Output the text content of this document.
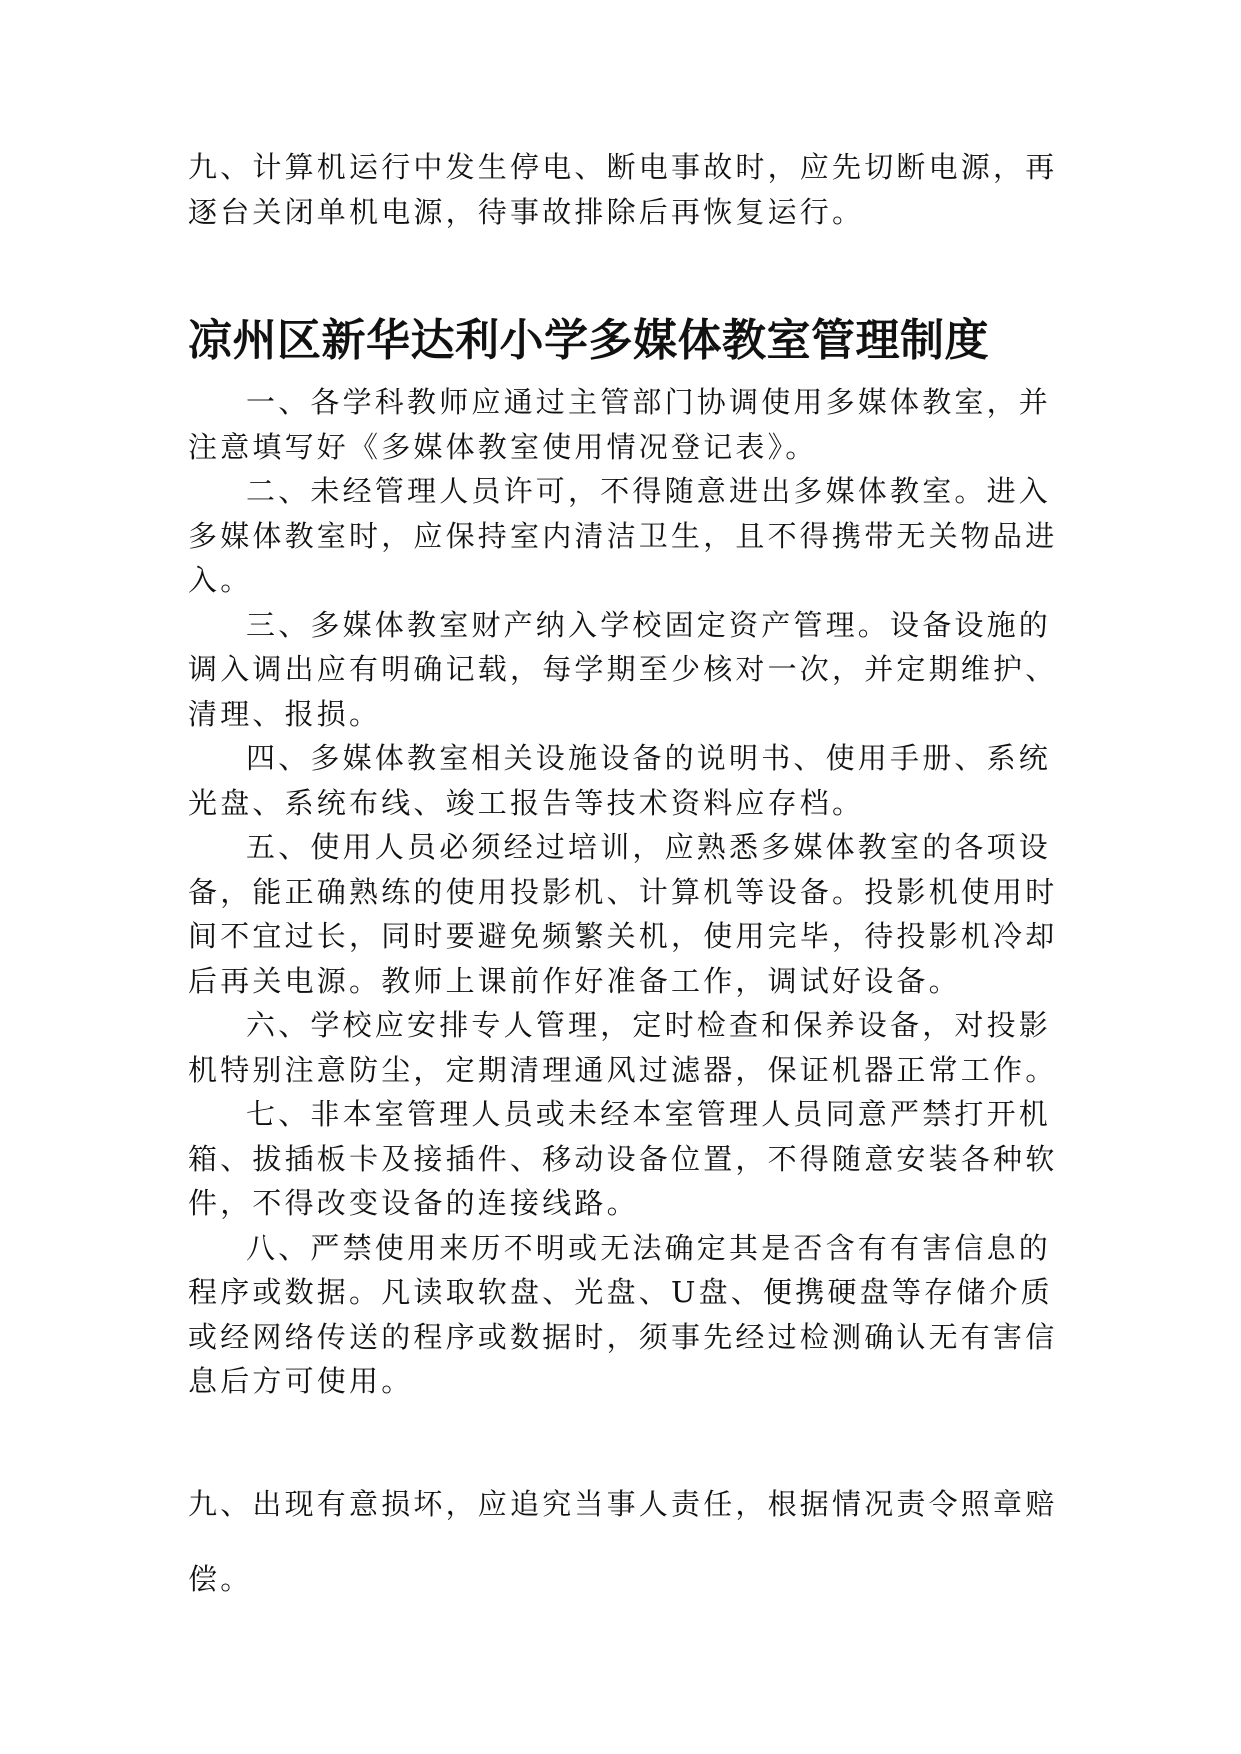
九、计算机运行中发生停电、断电事故时，应先切断电源，再逐台关闭单机电源，待事故排除后再恢复运行。
凉州区新华达利小学多媒体教室管理制度

一、各学科教师应通过主管部门协调使用多媒体教室，并注意填写好《多媒体教室使用情况登记表》。

二、未经管理人员许可，不得随意进出多媒体教室。进入多媒体教室时，应保持室内清洁卫生，且不得携带无关物品进入。

三、多媒体教室财产纳入学校固定资产管理。设备设施的调入调出应有明确记载，每学期至少核对一次，并定期维护、清理、报损。

四、多媒体教室相关设施设备的说明书、使用手册、系统光盘、系统布线、竣工报告等技术资料应存档。

五、使用人员必须经过培训，应熟悉多媒体教室的各项设备，能正确熟练的使用投影机、计算机等设备。投影机使用时间不宜过长，同时要避免频繁关机，使用完毕，待投影机冷却后再关电源。教师上课前作好准备工作，调试好设备。

六、学校应安排专人管理，定时检查和保养设备，对投影机特别注意防尘，定期清理通风过滤器，保证机器正常工作。

七、非本室管理人员或未经本室管理人员同意严禁打开机箱、拔插板卡及接插件、移动设备位置，不得随意安装各种软件，不得改变设备的连接线路。

八、严禁使用来历不明或无法确定其是否含有有害信息的程序或数据。凡读取软盘、光盘、U盘、便携硬盘等存储介质或经网络传送的程序或数据时，须事先经过检测确认无有害信息后方可使用。

九、出现有意损坏，应追究当事人责任，根据情况责令照章赔偿。
